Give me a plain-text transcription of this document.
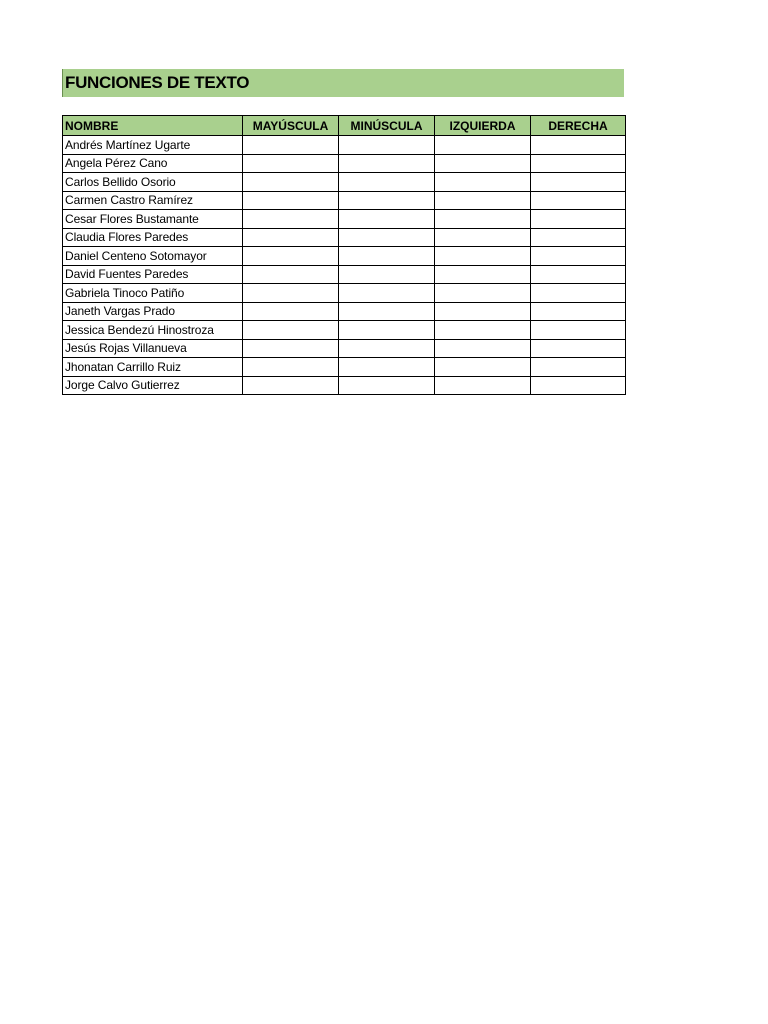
FUNCIONES DE TEXTO
NOMBRE	MAYÚSCULA	MINÚSCULA	IZQUIERDA	DERECHA
Andrés Martínez Ugarte				
Angela Pérez Cano				
Carlos Bellido Osorio				
Carmen Castro Ramírez				
Cesar Flores Bustamante				
Claudia Flores Paredes				
Daniel Centeno Sotomayor				
David Fuentes Paredes				
Gabriela Tinoco Patiño				
Janeth Vargas Prado				
Jessica Bendezú Hinostroza				
Jesús Rojas Villanueva				
Jhonatan Carrillo Ruiz				
Jorge Calvo Gutierrez				
